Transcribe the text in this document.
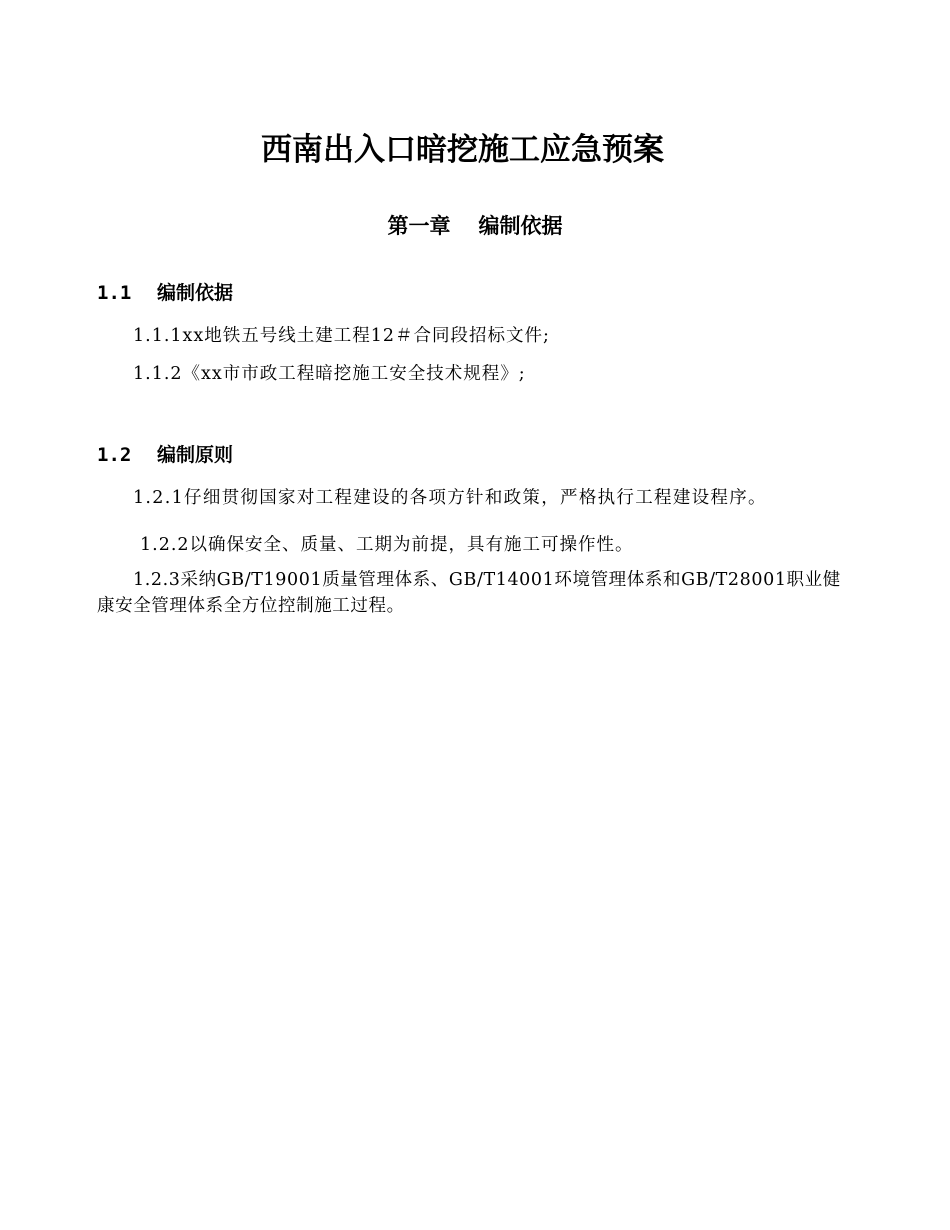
西南出入口暗挖施工应急预案
第一章 编制依据
1.1 编制依据

1.1.1xx地铁五号线土建工程12＃合同段招标文件;

1.1.2《xx市市政工程暗挖施工安全技术规程》;

1.2 编制原则

1.2.1仔细贯彻国家对工程建设的各项方针和政策，严格执行工程建设程序。

1.2.2以确保安全、质量、工期为前提，具有施工可操作性。

1.2.3采纳GB/T19001质量管理体系、GB/T14001环境管理体系和GB/T28001职业健康安全管理体系全方位控制施工过程。
